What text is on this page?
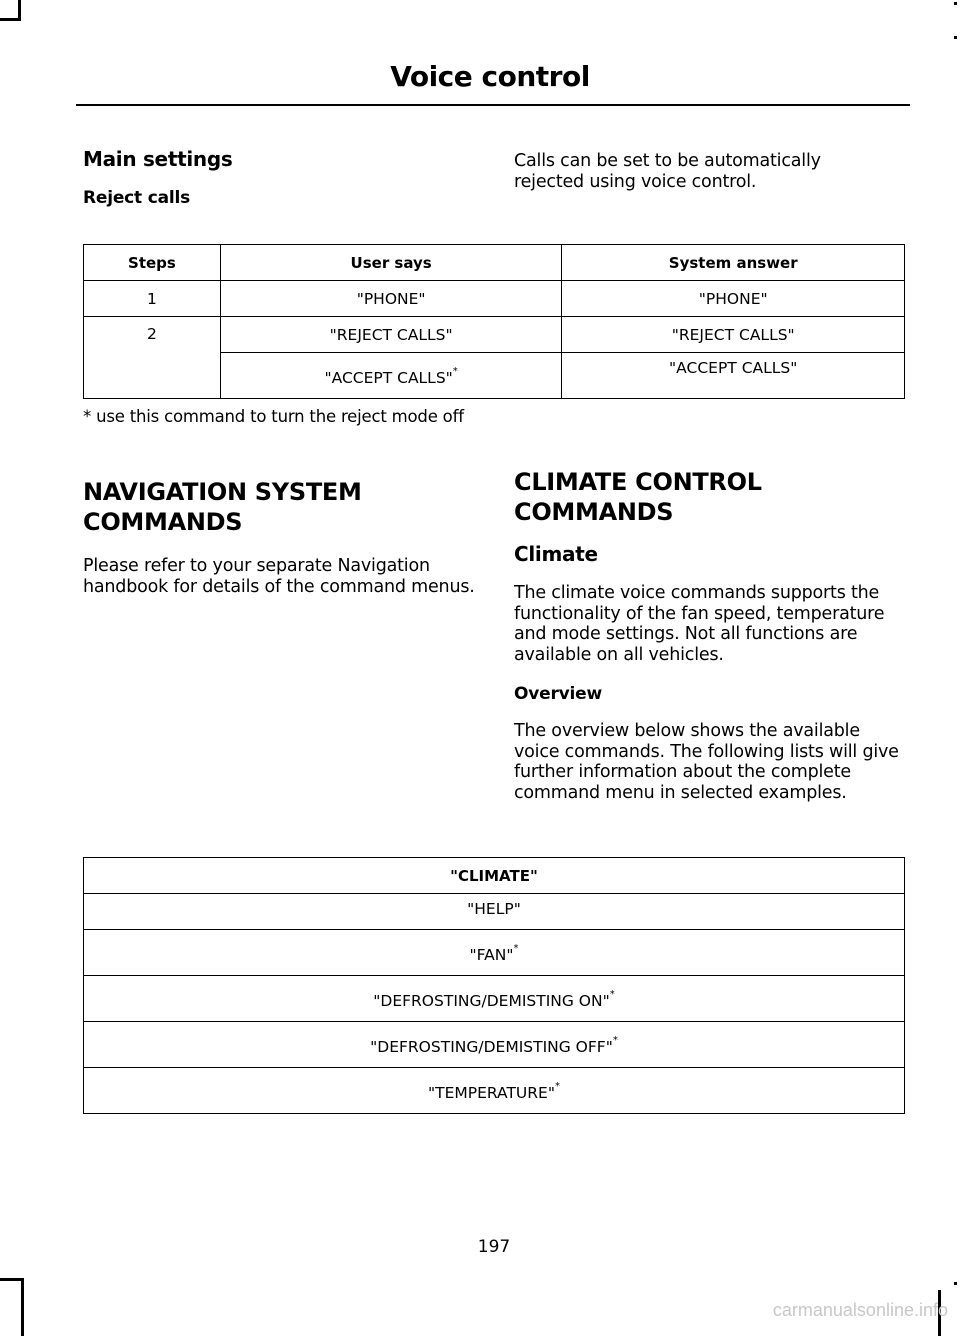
Voice control
Main settings
Reject calls
Calls can be set to be automatically rejected using voice control.
Steps	User says	System answer
1	"PHONE"	"PHONE"
2	"REJECT CALLS"	"REJECT CALLS"
	"ACCEPT CALLS"*	"ACCEPT CALLS"
* use this command to turn the reject mode off
NAVIGATION SYSTEM
COMMANDS
Please refer to your separate Navigation handbook for details of the command menus.
CLIMATE CONTROL
COMMANDS
Climate
The climate voice commands supports the functionality of the fan speed, temperature and mode settings. Not all functions are available on all vehicles.
Overview
The overview below shows the available voice commands. The following lists will give further information about the complete command menu in selected examples.
"CLIMATE"
"HELP"
"FAN"*
"DEFROSTING/DEMISTING ON"*
"DEFROSTING/DEMISTING OFF"*
"TEMPERATURE"*
197
carmanualsonline.info
